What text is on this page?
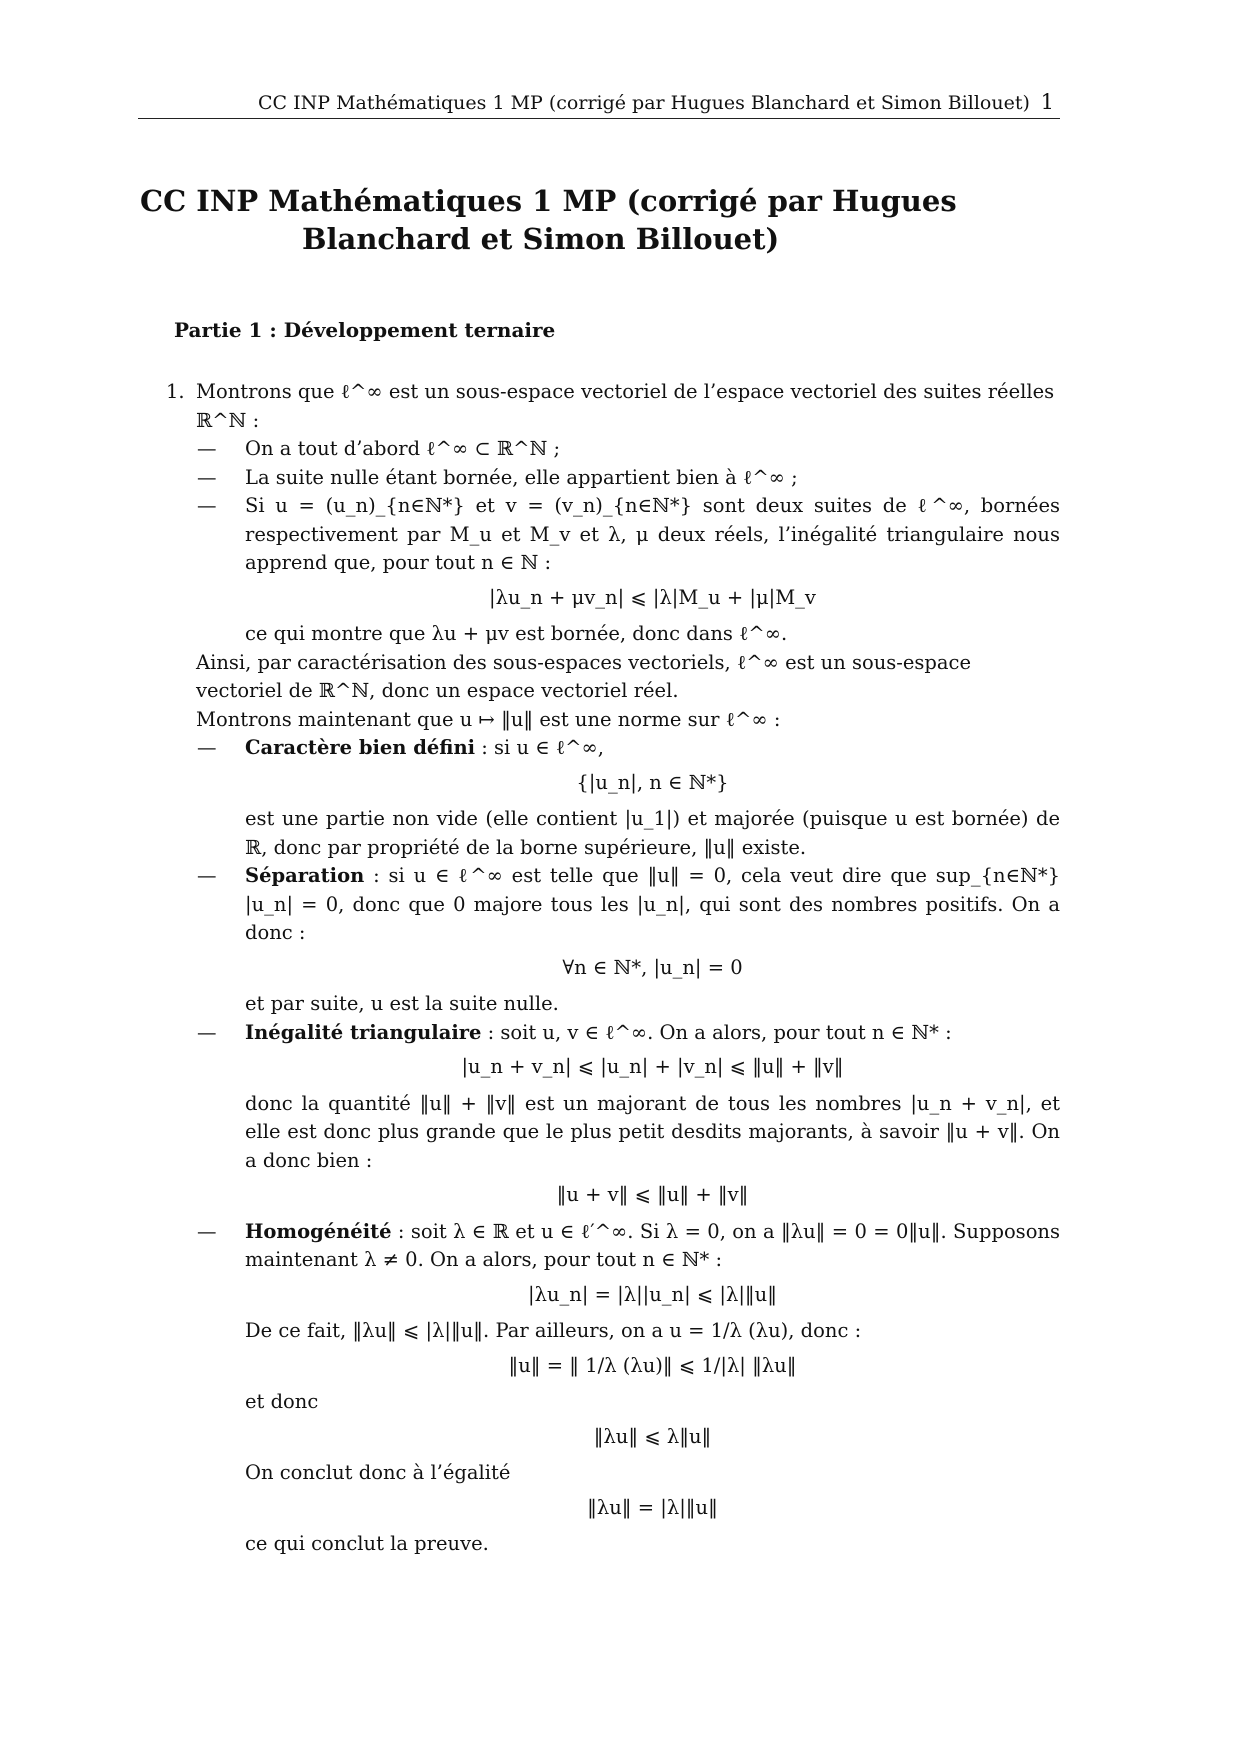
CC INP Mathématiques 1 MP (corrigé par Hugues Blanchard et Simon Billouet) 1
CC INP Mathématiques 1 MP (corrigé par Hugues
Blanchard et Simon Billouet)
Partie 1 : Développement ternaire
1. Montrons que ℓ^∞ est un sous-espace vectoriel de l’espace vectoriel des suites réelles ℝ^ℕ :

— On a tout d’abord ℓ^∞ ⊂ ℝ^ℕ ;
— La suite nulle étant bornée, elle appartient bien à ℓ^∞ ;
— Si u = (u_n)_{n∈ℕ*} et v = (v_n)_{n∈ℕ*} sont deux suites de ℓ^∞, bornées respectivement par M_u et M_v et λ, μ deux réels, l’inégalité triangulaire nous apprend que, pour tout n ∈ ℕ :
|λu_n + μv_n| ⩽ |λ|M_u + |μ|M_v

ce qui montre que λu + μv est bornée, donc dans ℓ^∞.

Ainsi, par caractérisation des sous-espaces vectoriels, ℓ^∞ est un sous-espace vectoriel de ℝ^ℕ, donc un espace vectoriel réel.

Montrons maintenant que u ↦ ‖u‖ est une norme sur ℓ^∞ :

— Caractère bien défini : si u ∈ ℓ^∞,
{|u_n|, n ∈ ℕ*}

est une partie non vide (elle contient |u_1|) et majorée (puisque u est bornée) de ℝ, donc par propriété de la borne supérieure, ‖u‖ existe.

— Séparation : si u ∈ ℓ^∞ est telle que ‖u‖ = 0, cela veut dire que sup_{n∈ℕ*} |u_n| = 0, donc que 0 majore tous les |u_n|, qui sont des nombres positifs. On a donc :
∀n ∈ ℕ*, |u_n| = 0

et par suite, u est la suite nulle.

— Inégalité triangulaire : soit u, v ∈ ℓ^∞. On a alors, pour tout n ∈ ℕ* :
|u_n + v_n| ⩽ |u_n| + |v_n| ⩽ ‖u‖ + ‖v‖

donc la quantité ‖u‖ + ‖v‖ est un majorant de tous les nombres |u_n + v_n|, et elle est donc plus grande que le plus petit desdits majorants, à savoir ‖u + v‖. On a donc bien :

‖u + v‖ ⩽ ‖u‖ + ‖v‖
— Homogénéité : soit λ ∈ ℝ et u ∈ ℓ′^∞. Si λ = 0, on a ‖λu‖ = 0 = 0‖u‖. Supposons maintenant λ ≠ 0. On a alors, pour tout n ∈ ℕ* :
|λu_n| = |λ||u_n| ⩽ |λ|‖u‖

De ce fait, ‖λu‖ ⩽ |λ|‖u‖. Par ailleurs, on a u = 1/λ (λu), donc :

‖u‖ = ‖ 1/λ (λu)‖ ⩽ 1/|λ| ‖λu‖

et donc

‖λu‖ ⩽ λ‖u‖

On conclut donc à l’égalité

‖λu‖ = |λ|‖u‖

ce qui conclut la preuve.
